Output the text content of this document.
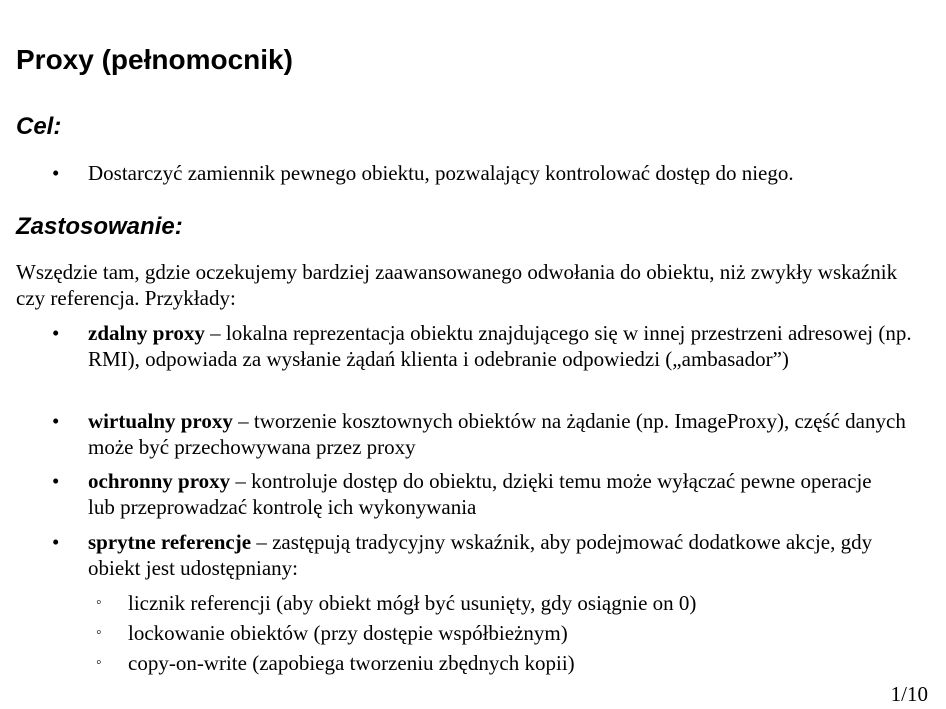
Proxy (pełnomocnik)
Cel:
•	Dostarczyć zamiennik pewnego obiektu, pozwalający kontrolować dostęp do niego.
Zastosowanie:
Wszędzie tam, gdzie oczekujemy bardziej zaawansowanego odwołania do obiektu, niż zwykły wskaźnik czy referencja. Przykłady:
•	zdalny proxy – lokalna reprezentacja obiektu znajdującego się w innej przestrzeni adresowej (np. RMI), odpowiada za wysłanie żądań klienta i odebranie odpowiedzi („ambasador”)
•	wirtualny proxy – tworzenie kosztownych obiektów na żądanie (np. ImageProxy), część danych może być przechowywana przez proxy
•	ochronny proxy – kontroluje dostęp do obiektu, dzięki temu może wyłączać pewne operacje lub przeprowadzać kontrolę ich wykonywania
•	sprytne referencje – zastępują tradycyjny wskaźnik, aby podejmować dodatkowe akcje, gdy obiekt jest udostępniany:
◦	licznik referencji (aby obiekt mógł być usunięty, gdy osiągnie on 0)
◦	lockowanie obiektów (przy dostępie współbieżnym)
◦	copy-on-write (zapobiega tworzeniu zbędnych kopii)
1/10
